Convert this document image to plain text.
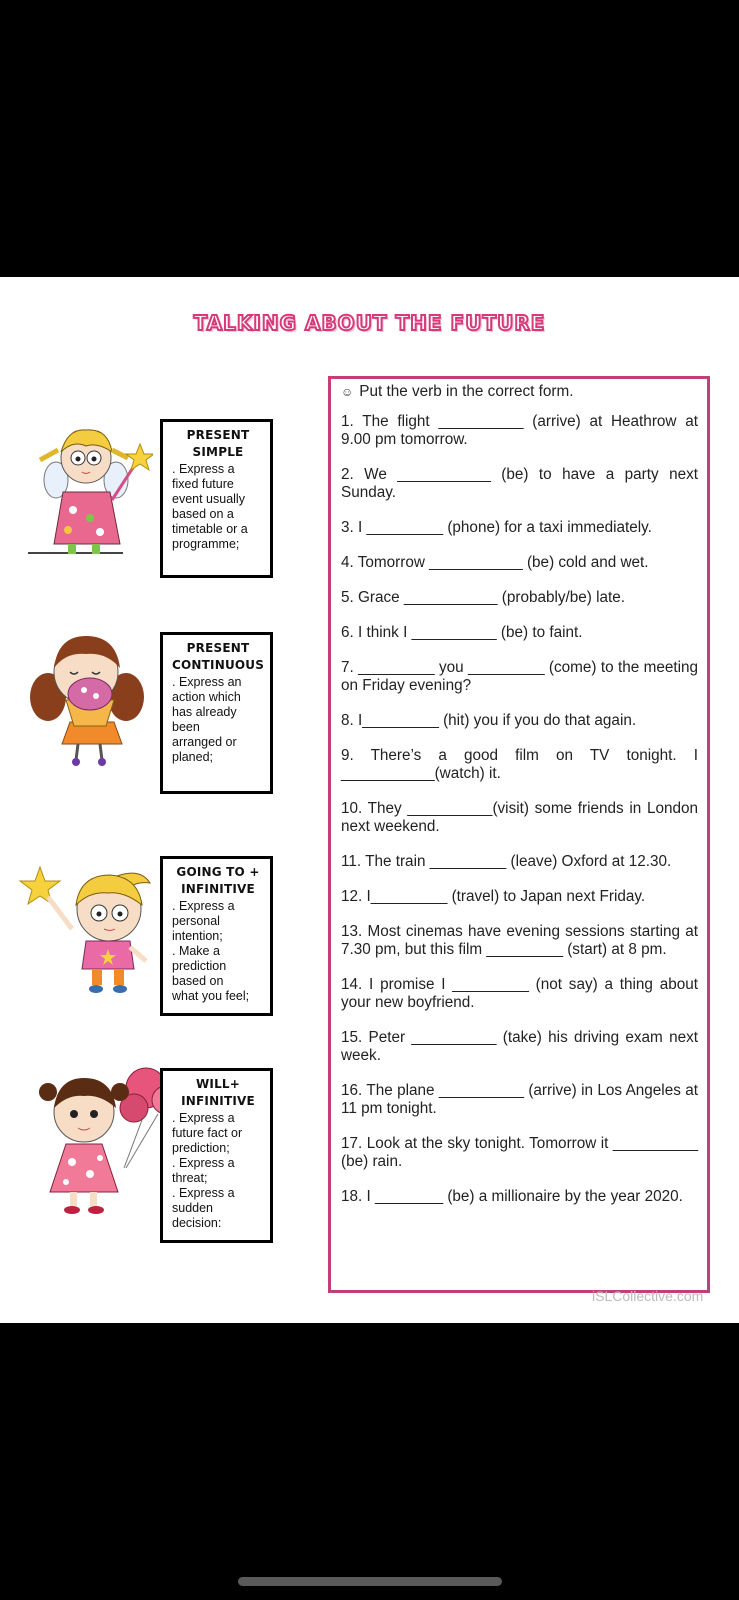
TALKING ABOUT THE FUTURE
PRESENT
SIMPLE
. Express a
fixed future
event usually
based on a
timetable or a
programme;
PRESENT
CONTINUOUS
. Express an
action which
has already
been
arranged or
planed;
GOING TO +
INFINITIVE
. Express a
personal
intention;
. Make a
prediction
based on
what you feel;
WILL+
INFINITIVE
. Express a
future fact or
prediction;
. Express a
threat;
. Express a
sudden
decision:

☺ Put the verb in the correct form.

1. The flight __________ (arrive) at Heathrow at 9.00 pm tomorrow.

2. We ___________ (be) to have a party next Sunday.

3. I _________ (phone) for a taxi immediately.

4. Tomorrow ___________ (be) cold and wet.

5. Grace ___________ (probably/be) late.

6. I think I __________ (be) to faint.

7. _________ you _________ (come) to the meeting on Friday evening?

8. I_________ (hit) you if you do that again.

9. There’s a good film on TV tonight. I ___________(watch) it.

10. They __________(visit) some friends in London next weekend.

11. The train _________ (leave) Oxford at 12.30.

12. I_________ (travel) to Japan next Friday.

13. Most cinemas have evening sessions starting at 7.30 pm, but this film _________ (start) at 8 pm.

14. I promise I _________ (not say) a thing about your new boyfriend.

15. Peter __________ (take) his driving exam next week.

16. The plane __________ (arrive) in Los Angeles at 11 pm tonight.

17. Look at the sky tonight. Tomorrow it __________ (be) rain.

18. I ________ (be) a millionaire by the year 2020.

iSLCollective.com
